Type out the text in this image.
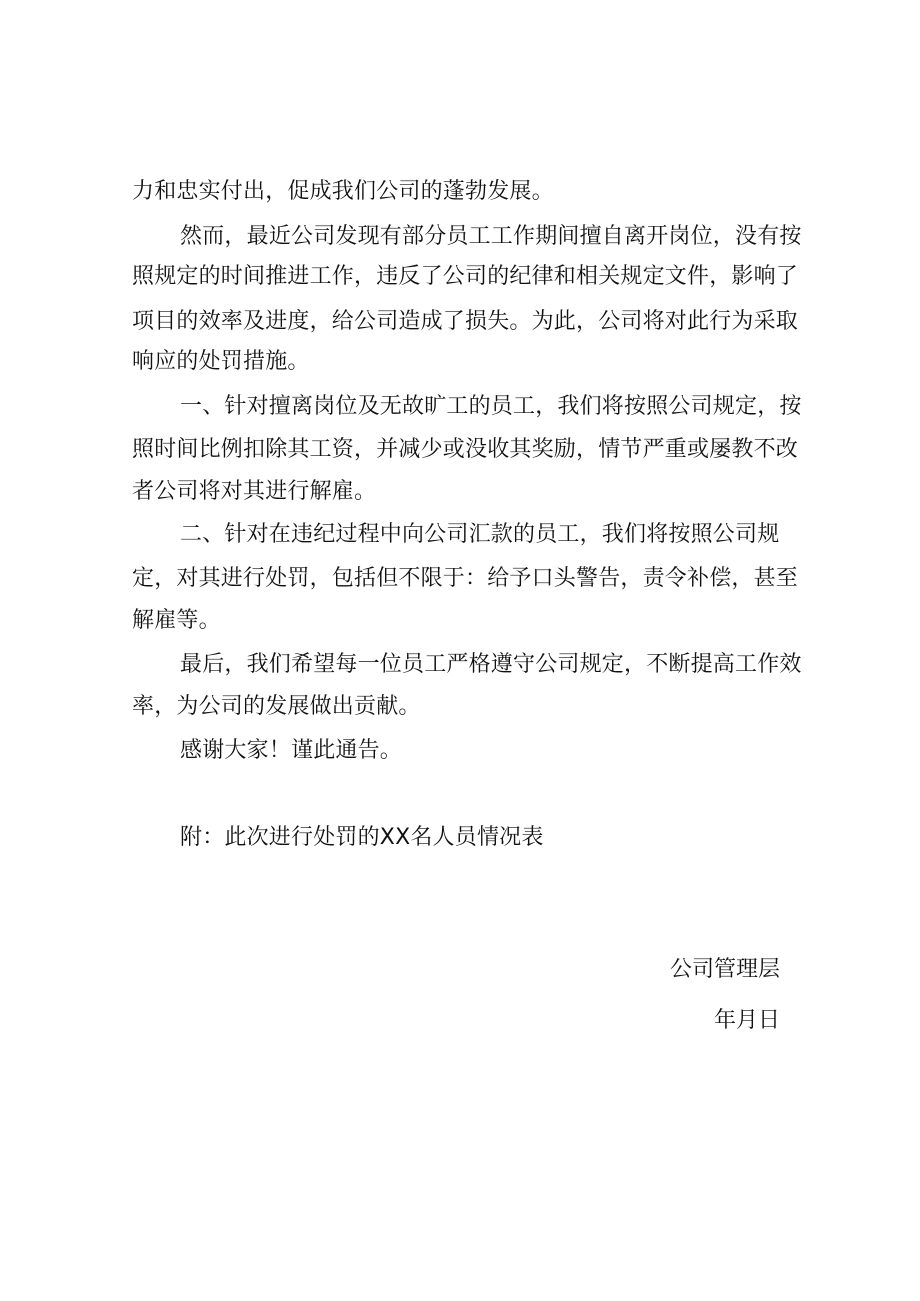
力和忠实付出，促成我们公司的蓬勃发展。
然而，最近公司发现有部分员工工作期间擅自离开岗位，没有按
照规定的时间推进工作，违反了公司的纪律和相关规定文件，影响了
项目的效率及进度，给公司造成了损失。为此，公司将对此行为采取
响应的处罚措施。
一、针对擅离岗位及无故旷工的员工，我们将按照公司规定，按
照时间比例扣除其工资，并减少或没收其奖励，情节严重或屡教不改
者公司将对其进行解雇。
二、针对在违纪过程中向公司汇款的员工，我们将按照公司规
定，对其进行处罚，包括但不限于：给予口头警告，责令补偿，甚至
解雇等。
最后，我们希望每一位员工严格遵守公司规定，不断提高工作效
率，为公司的发展做出贡献。
感谢大家！谨此通告。
附：此次进行处罚的XX名人员情况表
公司管理层
年月日
